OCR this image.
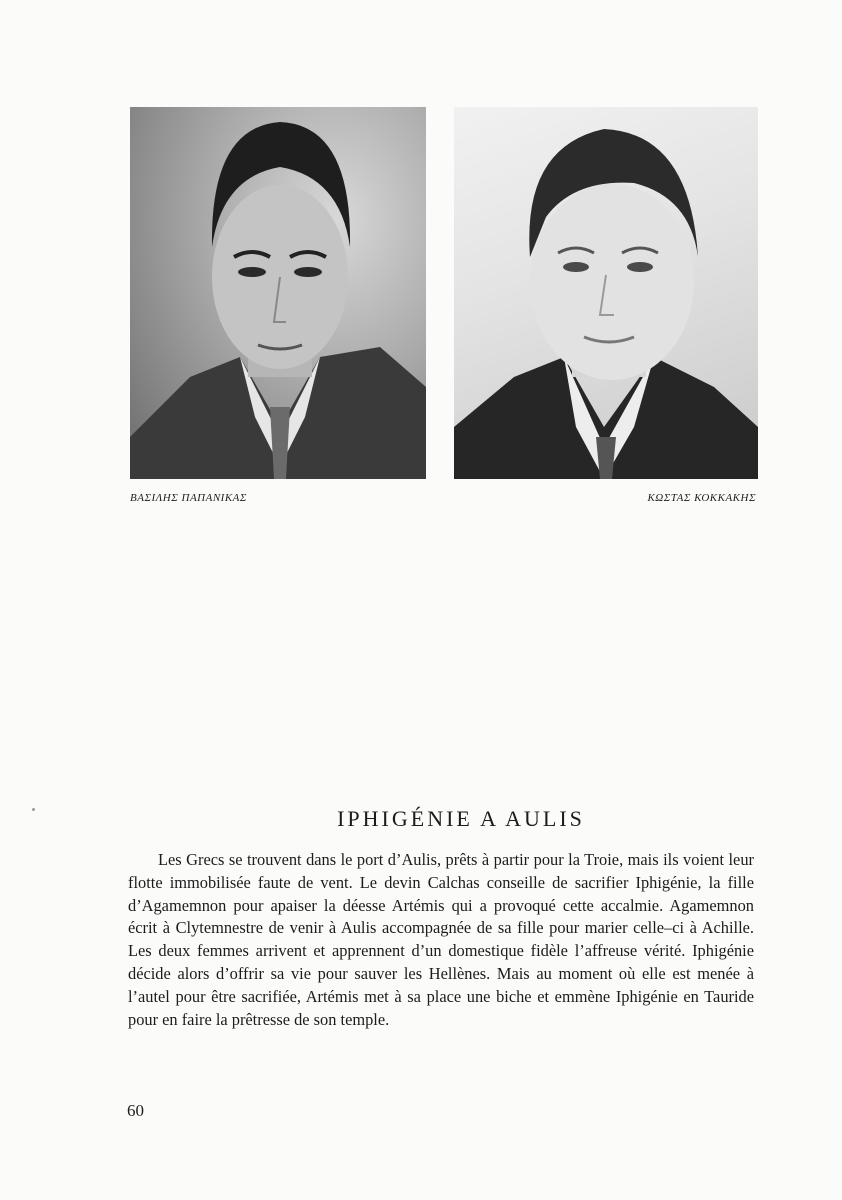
ΒΑΣΙΛΗΣ ΠΑΠΑΝΙΚΑΣ	ΚΩΣΤΑΣ ΚΟΚΚΑΚΗΣ
IPHIGÉNIE A AULIS

Les Grecs se trouvent dans le port d’Aulis, prêts à partir pour la Troie, mais ils voient leur flotte immobilisée faute de vent. Le devin Calchas conseille de sacrifier Iphigénie, la fille d’Agamemnon pour apaiser la déesse Artémis qui a provoqué cette accalmie. Agamemnon écrit à Clytemnestre de venir à Aulis accompagnée de sa fille pour marier celle–ci à Achille. Les deux femmes arrivent et apprennent d’un domestique fidèle l’affreuse vérité. Iphigénie décide alors d’offrir sa vie pour sauver les Hellènes. Mais au moment où elle est menée à l’autel pour être sacrifiée, Artémis met à sa place une biche et emmène Iphigénie en Tauride pour en faire la prêtresse de son temple.

60
